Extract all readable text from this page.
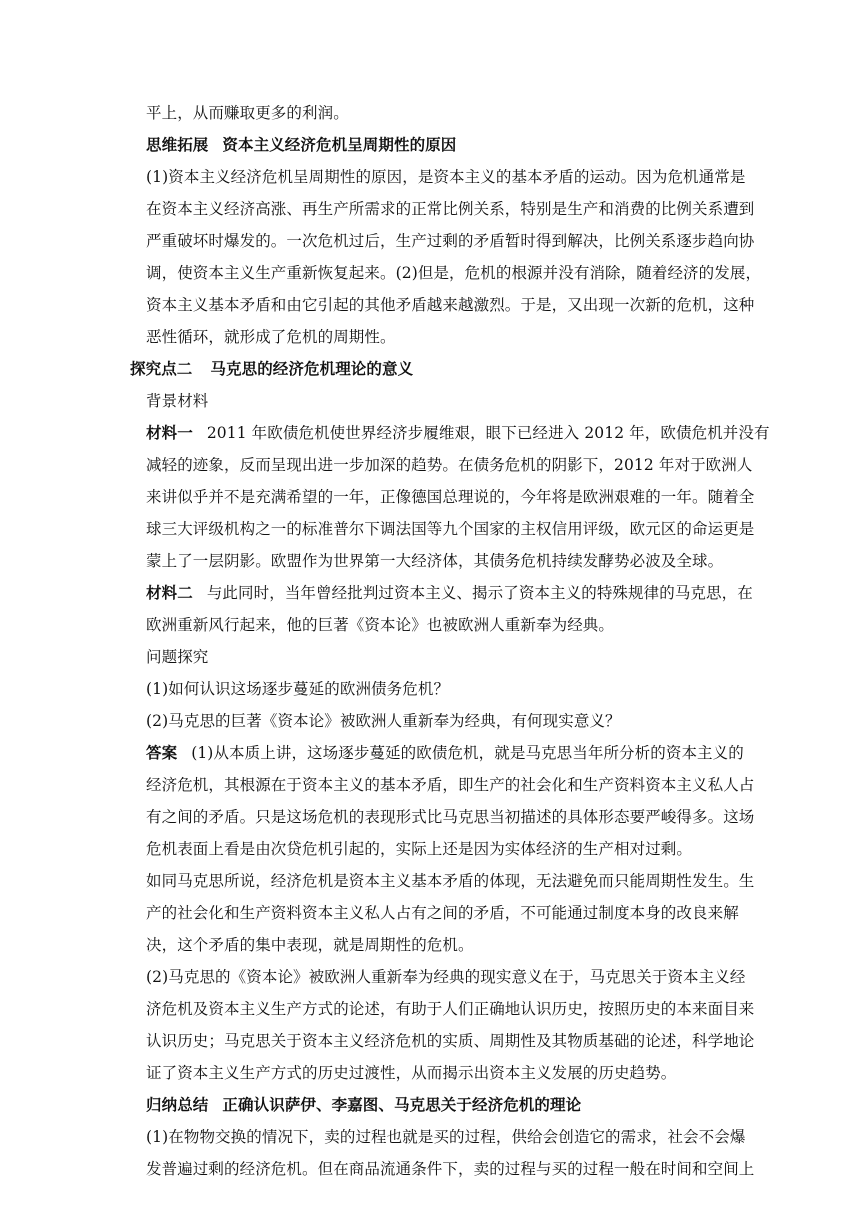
平上，从而赚取更多的利润。
思维拓展 资本主义经济危机呈周期性的原因
(1)资本主义经济危机呈周期性的原因，是资本主义的基本矛盾的运动。因为危机通常是
在资本主义经济高涨、再生产所需求的正常比例关系，特别是生产和消费的比例关系遭到
严重破坏时爆发的。一次危机过后，生产过剩的矛盾暂时得到解决，比例关系逐步趋向协
调，使资本主义生产重新恢复起来。(2)但是，危机的根源并没有消除，随着经济的发展，
资本主义基本矛盾和由它引起的其他矛盾越来越激烈。于是，又出现一次新的危机，这种
恶性循环，就形成了危机的周期性。
探究点二 马克思的经济危机理论的意义
背景材料
材料一 2011 年欧债危机使世界经济步履维艰，眼下已经进入 2012 年，欧债危机并没有
减轻的迹象，反而呈现出进一步加深的趋势。在债务危机的阴影下，2012 年对于欧洲人
来讲似乎并不是充满希望的一年，正像德国总理说的，今年将是欧洲艰难的一年。随着全
球三大评级机构之一的标准普尔下调法国等九个国家的主权信用评级，欧元区的命运更是
蒙上了一层阴影。欧盟作为世界第一大经济体，其债务危机持续发酵势必波及全球。
材料二 与此同时，当年曾经批判过资本主义、揭示了资本主义的特殊规律的马克思，在
欧洲重新风行起来，他的巨著《资本论》也被欧洲人重新奉为经典。
问题探究
(1)如何认识这场逐步蔓延的欧洲债务危机？
(2)马克思的巨著《资本论》被欧洲人重新奉为经典，有何现实意义？
答案 (1)从本质上讲，这场逐步蔓延的欧债危机，就是马克思当年所分析的资本主义的
经济危机，其根源在于资本主义的基本矛盾，即生产的社会化和生产资料资本主义私人占
有之间的矛盾。只是这场危机的表现形式比马克思当初描述的具体形态要严峻得多。这场
危机表面上看是由次贷危机引起的，实际上还是因为实体经济的生产相对过剩。
如同马克思所说，经济危机是资本主义基本矛盾的体现，无法避免而只能周期性发生。生
产的社会化和生产资料资本主义私人占有之间的矛盾，不可能通过制度本身的改良来解
决，这个矛盾的集中表现，就是周期性的危机。
(2)马克思的《资本论》被欧洲人重新奉为经典的现实意义在于，马克思关于资本主义经
济危机及资本主义生产方式的论述，有助于人们正确地认识历史，按照历史的本来面目来
认识历史；马克思关于资本主义经济危机的实质、周期性及其物质基础的论述，科学地论
证了资本主义生产方式的历史过渡性，从而揭示出资本主义发展的历史趋势。
归纳总结 正确认识萨伊、李嘉图、马克思关于经济危机的理论
(1)在物物交换的情况下，卖的过程也就是买的过程，供给会创造它的需求，社会不会爆
发普遍过剩的经济危机。但在商品流通条件下，卖的过程与买的过程一般在时间和空间上
